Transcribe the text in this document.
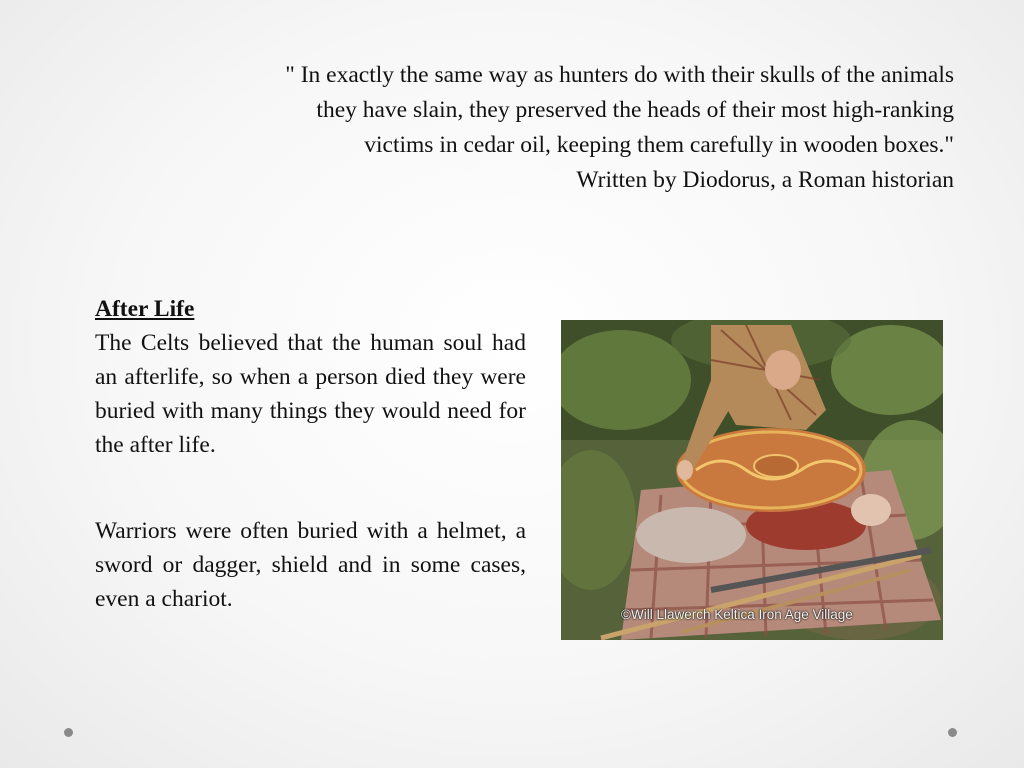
" In exactly the same way as hunters do with their skulls of the animals

they have slain, they preserved the heads of their most high-ranking

victims in cedar oil, keeping them carefully in wooden boxes."

Written by Diodorus, a Roman historian

After Life

The Celts believed that the human soul had an afterlife, so when a person died they were buried with many things they would need for the after life.

Warriors were often buried with a helmet, a sword or dagger, shield and in some cases, even a chariot.

©Will Llawerch Keltica Iron Age Village
